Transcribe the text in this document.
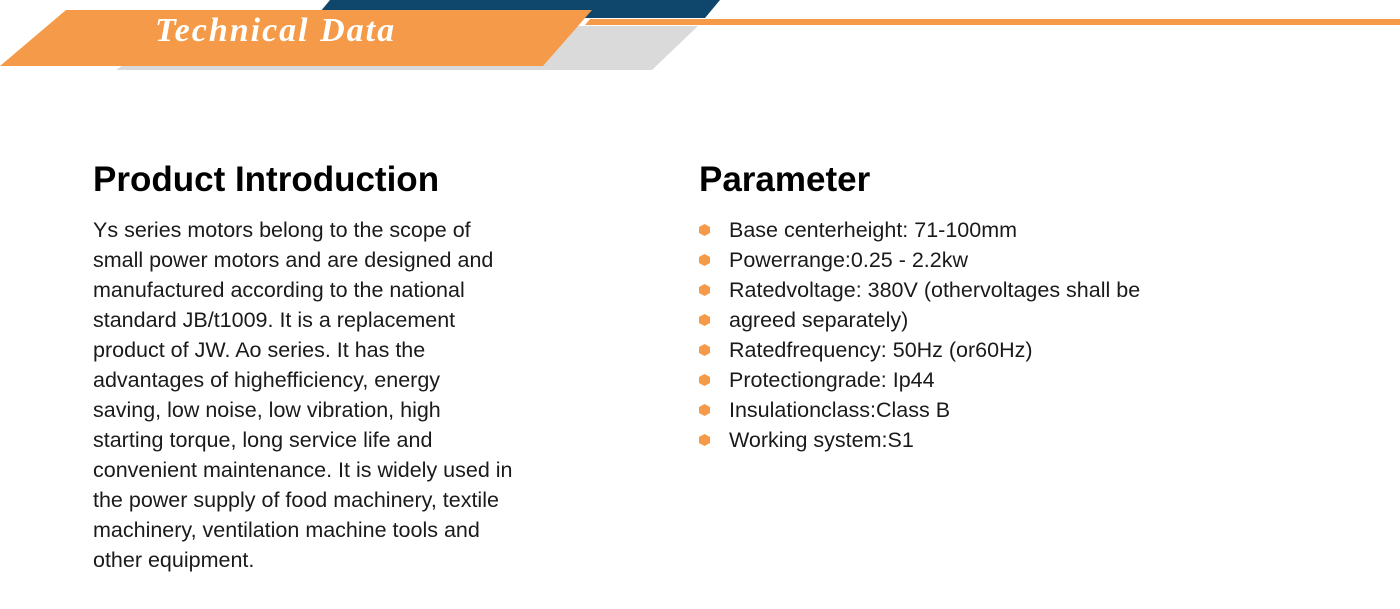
Technical Data
Product Introduction
Ys series motors belong to the scope of
small power motors and are designed and
manufactured according to the national
standard JB/t1009. It is a replacement
product of JW. Ao series. It has the
advantages of highefficiency, energy
saving, low noise, low vibration, high
starting torque, long service life and
convenient maintenance. It is widely used in
the power supply of food machinery, textile
machinery, ventilation machine tools and
other equipment.
Parameter
Base centerheight: 71-100mm
Powerrange:0.25 - 2.2kw
Ratedvoltage: 380V (othervoltages shall be
agreed separately)
Ratedfrequency: 50Hz (or60Hz)
Protectiongrade: Ip44
Insulationclass:Class B
Working system:S1
